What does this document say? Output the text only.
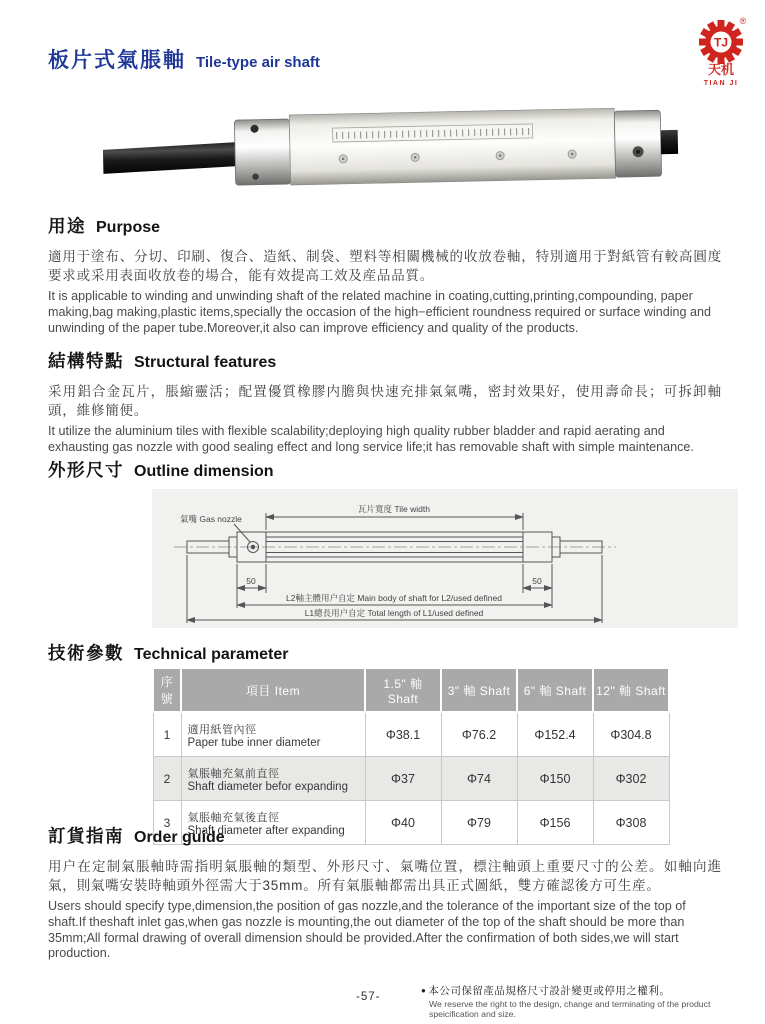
板片式氣脹軸 Tile-type air shaft
TJ
®
天机
TIAN JI
用途 Purpose

適用于塗布、分切、印刷、復合、造紙、制袋、塑料等相關機械的收放卷軸，特別適用于對紙管有較高圓度要求或采用表面收放卷的場合，能有效提高工效及産品品質。

It is applicable to winding and unwinding shaft of the related machine in coating,cutting,printing,compounding, paper making,bag making,plastic items,specially the occasion of the high−efficient roundness required or surface winding and unwinding of the paper tube.Moreover,it also can improve efficiency and quality of the products.

結構特點 Structural features

采用鋁合金瓦片，脹縮靈活；配置優質橡膠内膽與快速充排氣氣嘴，密封效果好，使用壽命長；可拆卸軸頭，維修簡便。

It utilize the aluminium tiles with flexible scalability;deploying high quality rubber bladder and rapid aerating and exhausting gas nozzle with good sealing effect and long service life;it has removable shaft with simple maintenance.

外形尺寸 Outline dimension
氣嘴 Gas nozzle
瓦片寬度 Tile width
50	50
L2軸主體用户自定 Main body of shaft for L2/used defined
L1總長用户自定 Total length of L1/used defined
技術參數 Technical parameter
序號	項目 Item	1.5" 軸 Shaft	3" 軸 Shaft	6" 軸 Shaft	12" 軸 Shaft
1	適用紙管內徑
Paper tube inner diameter	Φ38.1	Φ76.2	Φ152.4	Φ304.8
2	氣脹軸充氣前直徑
Shaft diameter befor expanding	Φ37	Φ74	Φ150	Φ302
3	氣脹軸充氣後直徑
Shaft diameter after expanding	Φ40	Φ79	Φ156	Φ308
訂貨指南 Order guide

用户在定制氣脹軸時需指明氣脹軸的類型、外形尺寸、氣嘴位置，標注軸頭上重要尺寸的公差。如軸向進氣，則氣嘴安裝時軸頭外徑需大于35mm。所有氣脹軸都需出具正式圖紙，雙方確認後方可生産。

Users should specify type,dimension,the position of gas nozzle,and the tolerance of the important size of the top of shaft.If theshaft inlet gas,when gas nozzle is mounting,the out diameter of the top of the shaft should be more than 35mm;All formal drawing of overall dimension should be provided.After the confirmation of both sides,we will start production.

-57-
● 本公司保留產品規格尺寸設計變更或停用之權利。
We reserve the right to the design, change and terminating of the product speicification and size.
